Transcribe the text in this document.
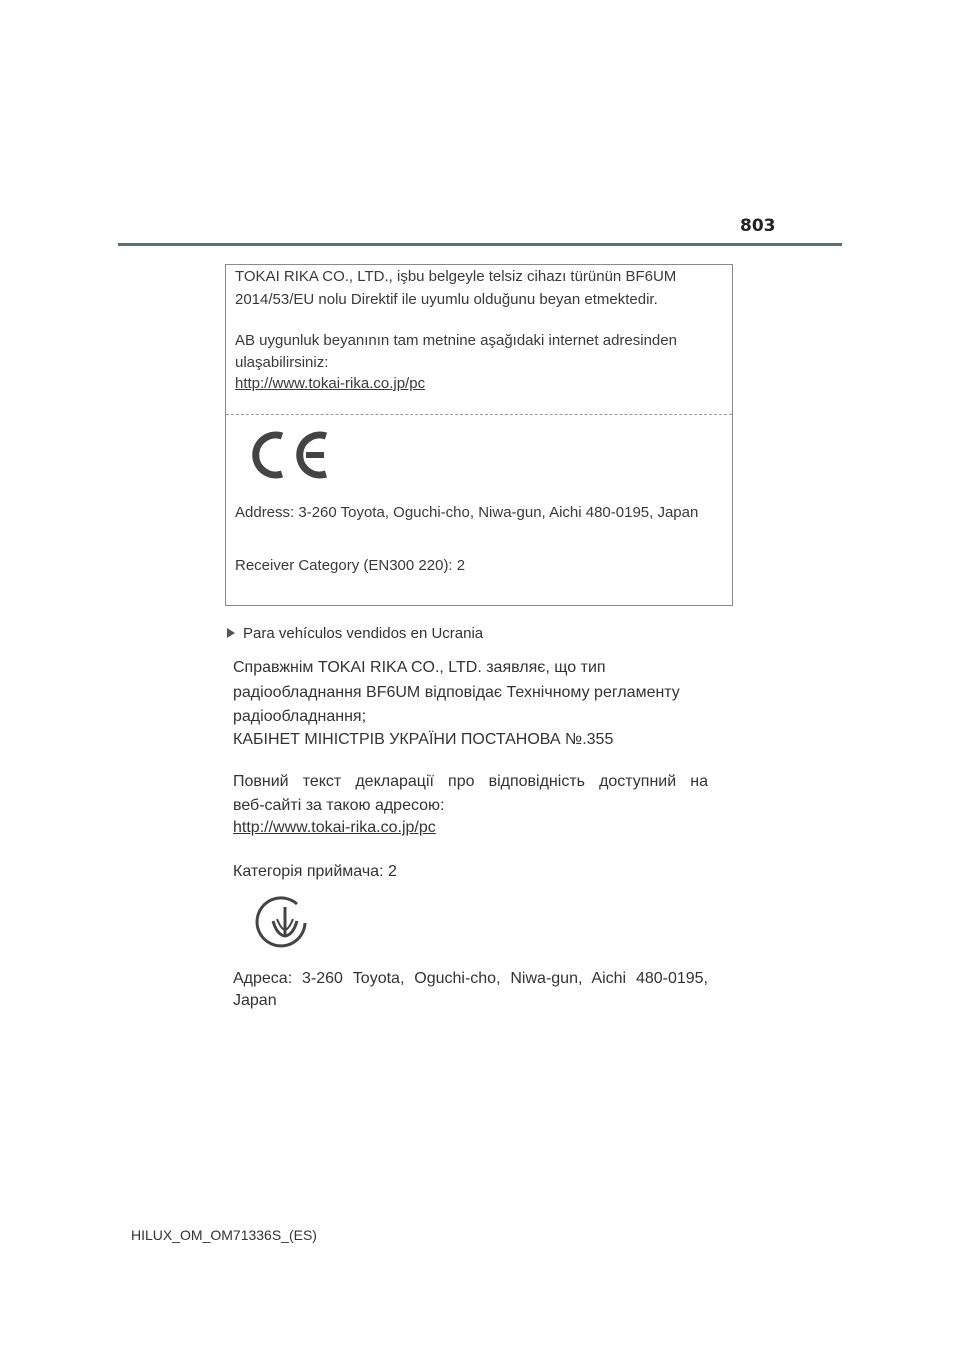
803

TOKAI RIKA CO., LTD., işbu belgeyle telsiz cihazı türünün BF6UM

2014/53/EU nolu Direktif ile uyumlu olduğunu beyan etmektedir.

AB uygunluk beyanının tam metnine aşağıdaki internet adresinden

ulaşabilirsiniz:

http://www.tokai-rika.co.jp/pc

Address: 3-260 Toyota, Oguchi-cho, Niwa-gun, Aichi 480-0195, Japan

Receiver Category (EN300 220): 2

Para vehículos vendidos en Ucrania

Справжнім TOKAI RIKA CO., LTD. заявляє, що тип

радіообладнання BF6UM відповідає Технічному регламенту

радіообладнання;

КАБІНЕТ МІНІСТРІВ УКРАЇНИ ПОСТАНОВА №.355

Повний текст декларації про відповідність доступний на

веб-сайті за такою адресою:

http://www.tokai-rika.co.jp/pc

Категорія приймача: 2

Адреса: 3-260 Toyota, Oguchi-cho, Niwa-gun, Aichi 480-0195,

Japan

HILUX_OM_OM71336S_(ES)
